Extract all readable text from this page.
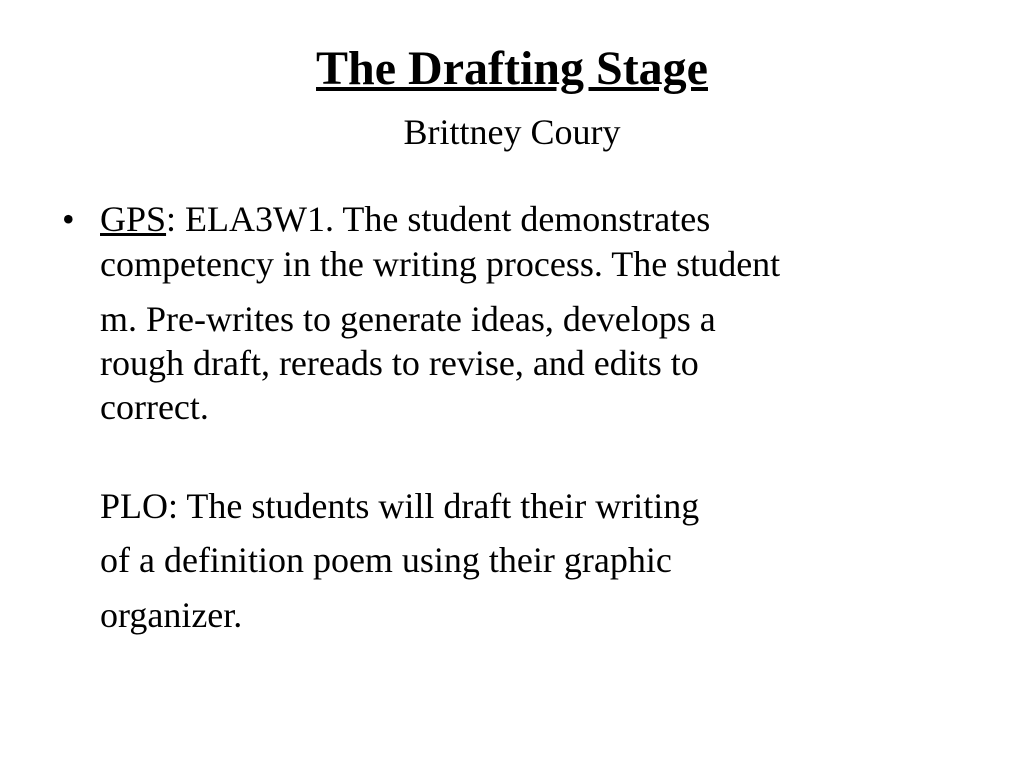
The Drafting Stage
Brittney Coury
• GPS: ELA3W1. The student demonstrates
competency in the writing process. The student
m. Pre-writes to generate ideas, develops a
rough draft, rereads to revise, and edits to
correct.
PLO: The students will draft their writing
of a definition poem using their graphic
organizer.
